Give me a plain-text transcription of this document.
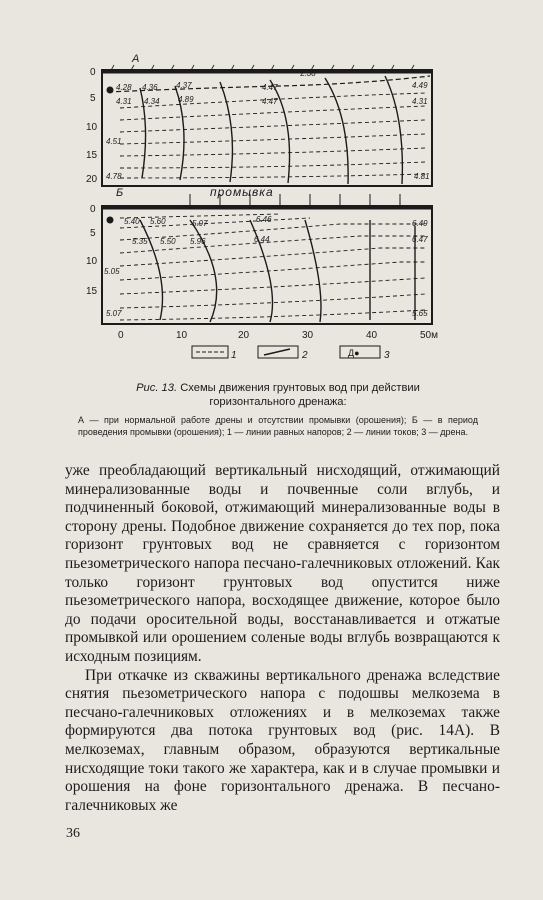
0
5
10
15
20
А
Б
2.38
промывка
4.28 4.36 4.37	4.47
4.31 4.34 4.89	4.47	4.31
4.51
4.78	4.81
4.49
0
5
10
15
5.40 5.60	5.97	6.46	6.49
5.35 5.50 5.96	6.44	6.47
5.05
5.07	5.65
0	10	20	30	40	50м
1	2	Д● 3

Рис. 13. Схемы движения грунтовых вод при действии
горизонтального дренажа:

А — при нормальной работе дрены и отсутствии промывки (орошения); Б — в период проведения промывки (орошения); 1 — линии равных напоров; 2 — линии токов; 3 — дрена.

уже преобладающий вертикальный нисходящий, отжимающий минерализованные воды и почвенные соли вглубь, и подчиненный боковой, отжимающий минерализованные воды в сторону дрены. Подобное движение сохраняется до тех пор, пока горизонт грунтовых вод не сравняется с горизонтом пьезометрического напора песчано-галечниковых отложений. Как только горизонт грунтовых вод опустится ниже пьезометрического напора, восходящее движение, которое было до подачи оросительной воды, восстанавливается и отжатые промывкой или орошением соленые воды вглубь возвращаются к исходным позициям.

При откачке из скважины вертикального дренажа вследствие снятия пьезометрического напора с подошвы мелкозема в песчано-галечниковых отложениях и в мелкоземах также формируются два потока грунтовых вод (рис. 14А). В мелкоземах, главным образом, образуются вертикальные нисходящие токи такого же характера, как и в случае промывки и орошения на фоне горизонтального дренажа. В песчано-галечниковых же

36
